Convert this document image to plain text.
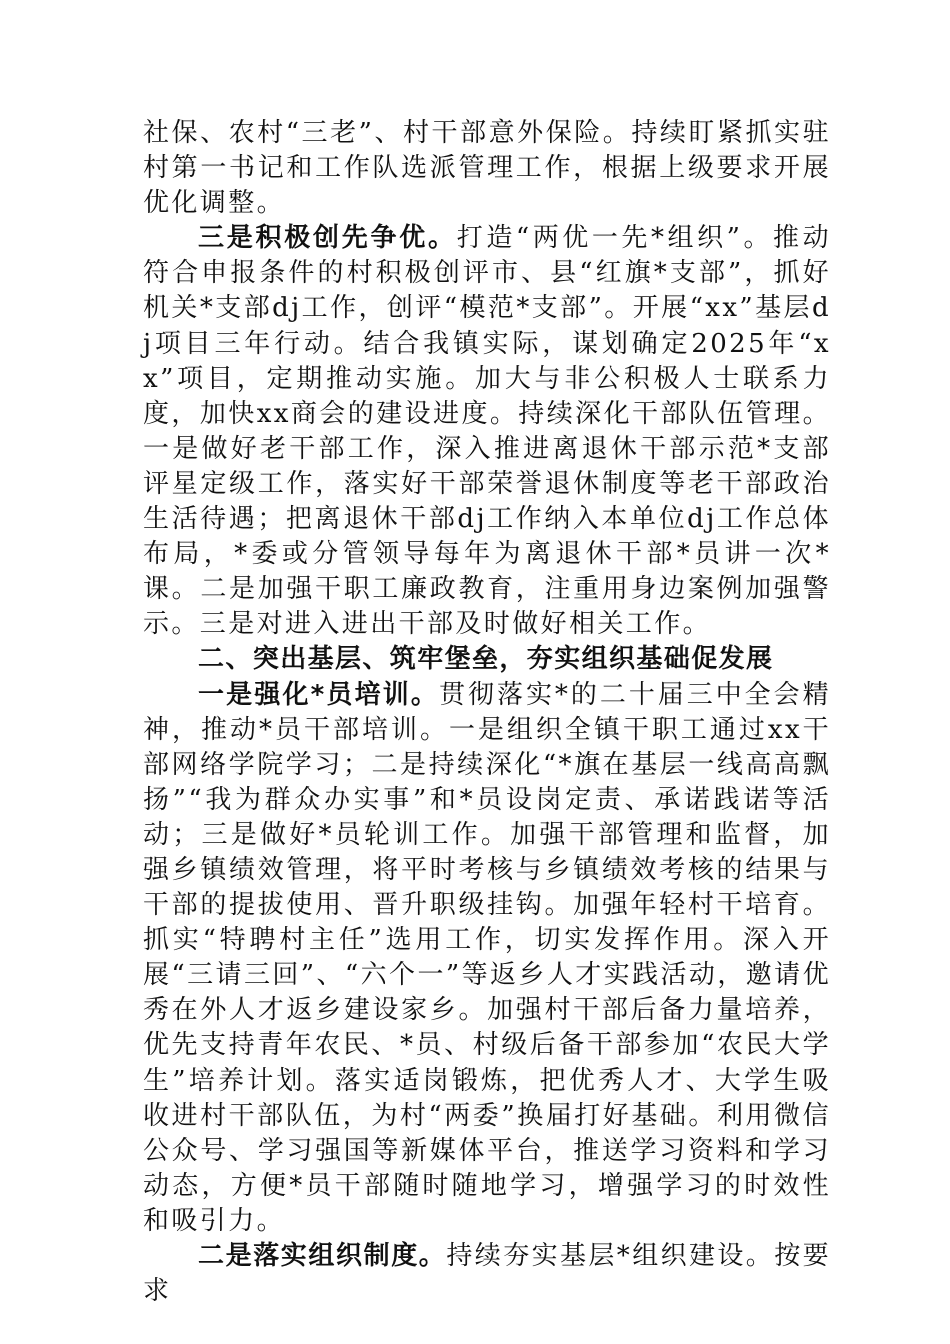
社保、农村“三老”、村干部意外保险。持续盯紧抓实驻村第一书记和工作队选派管理工作，根据上级要求开展优化调整。

三是积极创先争优。打造“两优一先*组织”。推动符合申报条件的村积极创评市、县“红旗*支部”，抓好机关*支部dj工作，创评“模范*支部”。开展“xx”基层dj项目三年行动。结合我镇实际，谋划确定2025年“xx”项目，定期推动实施。加大与非公积极人士联系力度，加快xx商会的建设进度。持续深化干部队伍管理。一是做好老干部工作，深入推进离退休干部示范*支部评星定级工作，落实好干部荣誉退休制度等老干部政治生活待遇；把离退休干部dj工作纳入本单位dj工作总体布局，*委或分管领导每年为离退休干部*员讲一次*课。二是加强干职工廉政教育，注重用身边案例加强警示。三是对进入进出干部及时做好相关工作。

二、突出基层、筑牢堡垒，夯实组织基础促发展

一是强化*员培训。贯彻落实*的二十届三中全会精神，推动*员干部培训。一是组织全镇干职工通过xx干部网络学院学习；二是持续深化“*旗在基层一线高高飘扬”“我为群众办实事”和*员设岗定责、承诺践诺等活动；三是做好*员轮训工作。加强干部管理和监督，加强乡镇绩效管理，将平时考核与乡镇绩效考核的结果与干部的提拔使用、晋升职级挂钩。加强年轻村干培育。抓实“特聘村主任”选用工作，切实发挥作用。深入开展“三请三回”、“六个一”等返乡人才实践活动，邀请优秀在外人才返乡建设家乡。加强村干部后备力量培养，优先支持青年农民、*员、村级后备干部参加“农民大学生”培养计划。落实适岗锻炼，把优秀人才、大学生吸收进村干部队伍，为村“两委”换届打好基础。利用微信公众号、学习强国等新媒体平台，推送学习资料和学习动态，方便*员干部随时随地学习，增强学习的时效性和吸引力。

二是落实组织制度。持续夯实基层*组织建设。按要求
